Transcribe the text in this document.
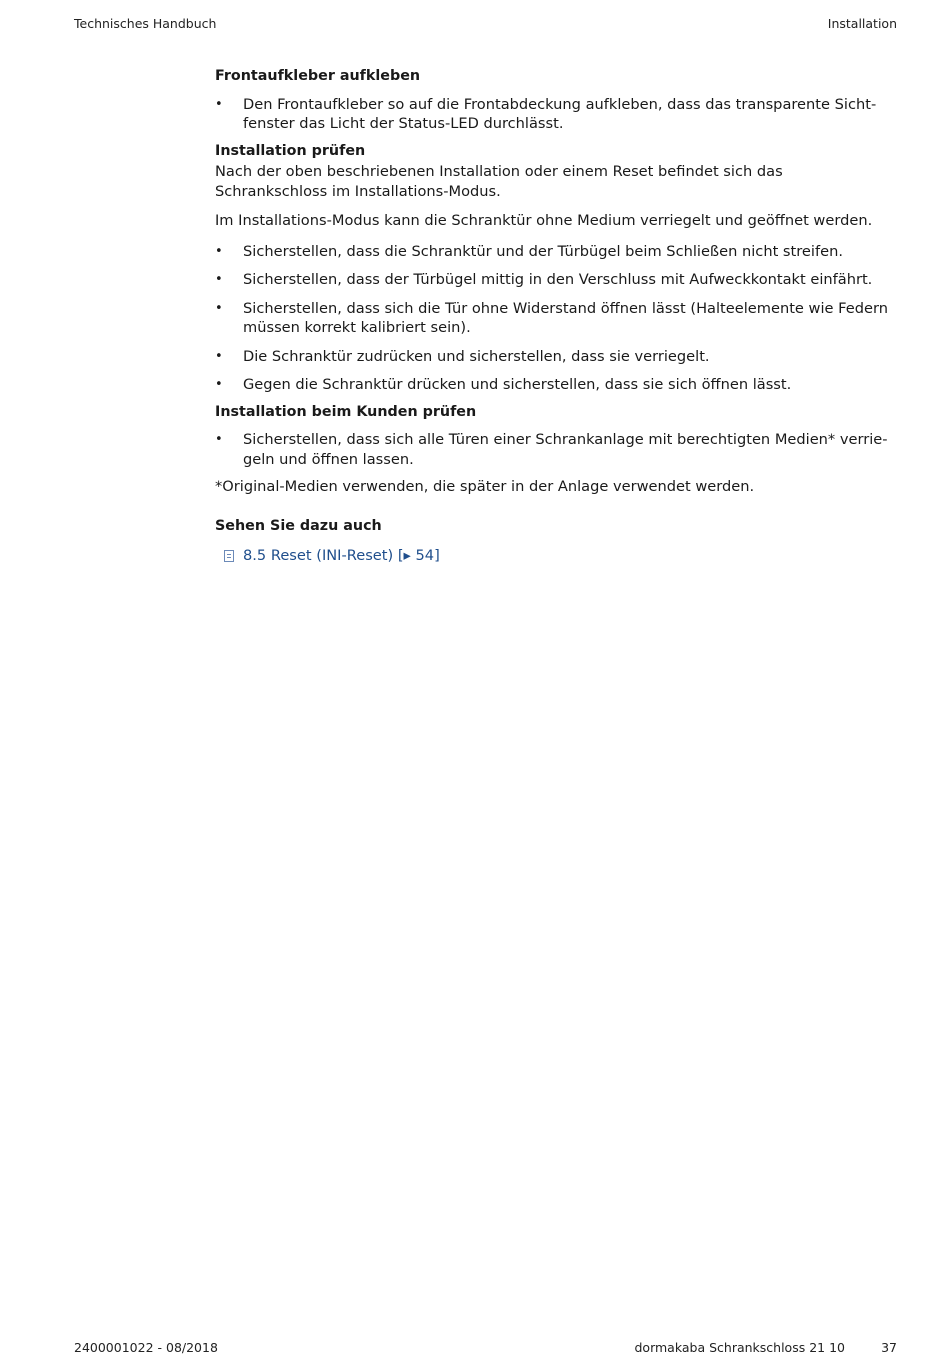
Technisches Handbuch	Installation

Frontaufkleber aufkleben

• Den Frontaufkleber so auf die Frontabdeckung aufkleben, dass das transparente Sicht-fenster das Licht der Status-LED durchlässt.

Installation prüfen

Nach der oben beschriebenen Installation oder einem Reset befindet sich das Schrankschloss im Installations-Modus.

Im Installations-Modus kann die Schranktür ohne Medium verriegelt und geöffnet werden.

• Sicherstellen, dass die Schranktür und der Türbügel beim Schließen nicht streifen.
• Sicherstellen, dass der Türbügel mittig in den Verschluss mit Aufweckkontakt einfährt.
• Sicherstellen, dass sich die Tür ohne Widerstand öffnen lässt (Halteelemente wie Federn müssen korrekt kalibriert sein).
• Die Schranktür zudrücken und sicherstellen, dass sie verriegelt.
• Gegen die Schranktür drücken und sicherstellen, dass sie sich öffnen lässt.

Installation beim Kunden prüfen

• Sicherstellen, dass sich alle Türen einer Schrankanlage mit berechtigten Medien* verrie-geln und öffnen lassen.

*Original-Medien verwenden, die später in der Anlage verwendet werden.

Sehen Sie dazu auch

8.5 Reset (INI-Reset) [▸ 54]
2400001022 - 08/2018	dormakaba Schrankschloss 21 10	37
